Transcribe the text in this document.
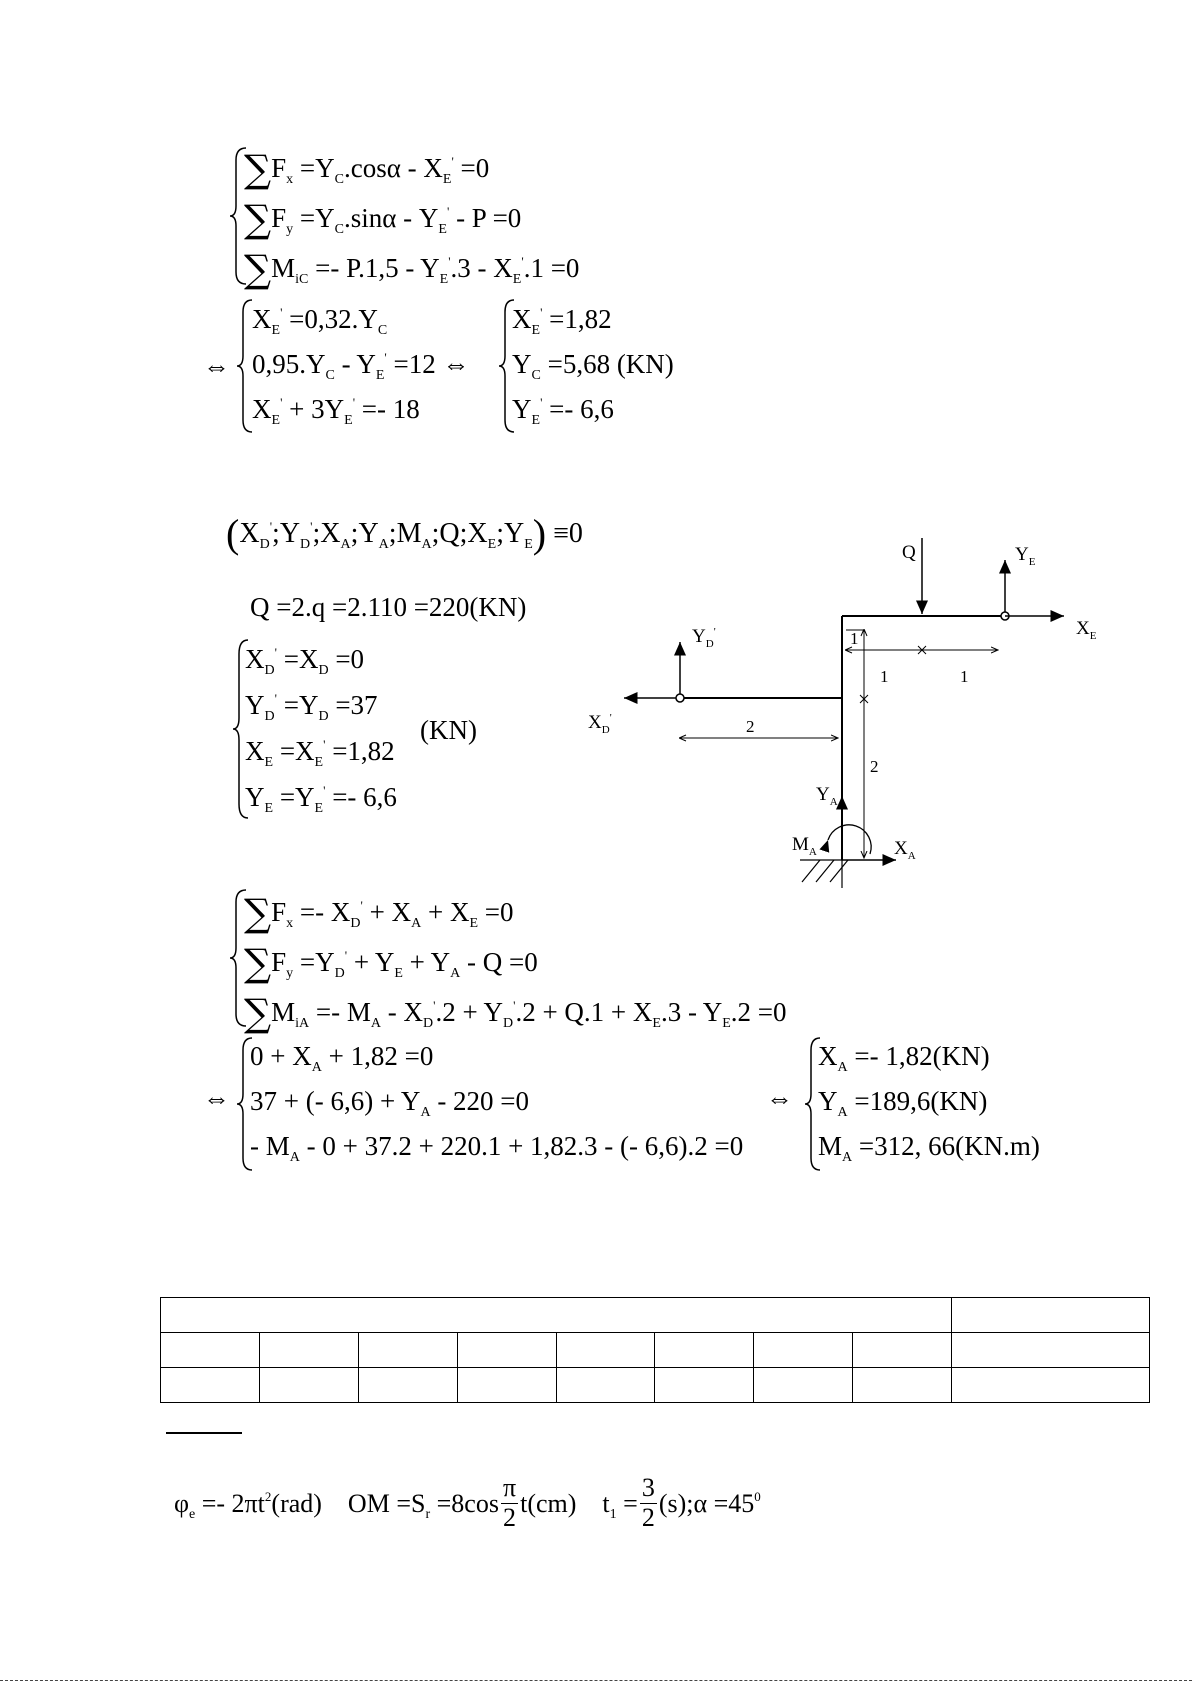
$\sum F_x =Y_C.\cos\alpha - X_E' =0$
$\sum F_y =Y_C.\sin\alpha - Y_E' - P =0$
$\sum M_{iC} =- P.1,5 - Y_E'.3 - X_E'.1 =0$
⇔
$X_E' =0,32.Y_C$
$0,95.Y_C - Y_E' =12$ ⇔
$X_E' + 3Y_E' =- 18$
$X_E' =1,82$
$Y_C =5,68$ (KN)
$Y_E' =- 6,6$
$(X_D';Y_D';X_A;Y_A;M_A;Q;X_E;Y_E) \equiv 0$
Q =2.q =2.110 =220(KN)
$X_D' =X_D =0$
$Y_D' =Y_D =37$
$X_E =X_E' =1,82$
$Y_E =Y_E' =- 6,6$
(KN)
Q	$Y_E$
$X_E$
$Y_D'$
$X_D'$
1
1	1
2
2
$Y_A$
$M_A$	$X_A$
$\sum F_x =- X_D' + X_A + X_E =0$
$\sum F_y =Y_D' + Y_E + Y_A - Q =0$
$\sum M_{iA} =- M_A - X_D'.2 + Y_D'.2 + Q.1 + X_E.3 - Y_E.2 =0$
⇔
$0 + X_A + 1,82 =0$
37 + (- $6,6) + Y_A - 220 =0$
- $M_A - 0 + 37.2 + 220.1 + 1,82.3$ - (- 6,6).2 =0
⇔
$X_A =- 1,82(KN)$
$Y_A =189,6(KN)$
$M_A =312$, 66(KN.m)

$\varphi_e =- 2\pi t^2(rad)$ OM $=S_r =8\cos \frac{\pi}{2} t(cm) t_1 = \frac{3}{2}$ (s);α $=45^0$
